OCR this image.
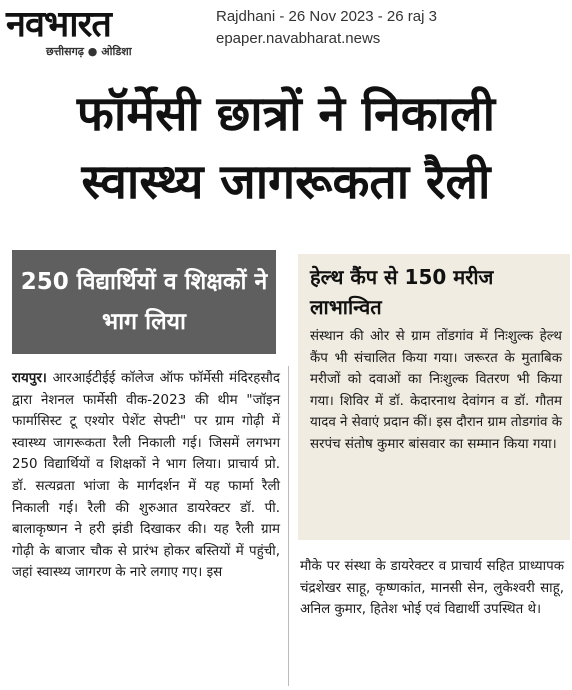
नवभारत
छत्तीसगढ़ ● ओडिशा
Rajdhani - 26 Nov 2023 - 26 raj 3
epaper.navabharat.news
फॉर्मेसी छात्रों ने निकाली
स्वास्थ्य जागरूकता रैली
250 विद्यार्थियों व शिक्षकों ने भाग लिया
हेल्थ कैंप से 150 मरीज लाभान्वित
संस्थान की ओर से ग्राम तोंडगांव में निःशुल्क हेल्थ कैंप भी संचालित किया गया। जरूरत के मुताबिक मरीजों को दवाओं का निःशुल्क वितरण भी किया गया। शिविर में डॉ. केदारनाथ देवांगन व डॉ. गौतम यादव ने सेवाएं प्रदान कीं। इस दौरान ग्राम तोडगांव के सरपंच संतोष कुमार बांसवार का सम्मान किया गया।
रायपुर। आरआईटीईई कॉलेज ऑफ फॉर्मेसी मंदिरहसौद द्वारा नेशनल फार्मेसी वीक-2023 की थीम "जॉइन फार्मासिस्ट टू एश्योर पेशेंट सेफ्टी" पर ग्राम गोढ़ी में स्वास्थ्य जागरूकता रैली निकाली गई। जिसमें लगभग 250 विद्यार्थियों व शिक्षकों ने भाग लिया। प्राचार्य प्रो. डॉ. सत्यव्रता भांजा के मार्गदर्शन में यह फार्मा रैली निकाली गई। रैली की शुरुआत डायरेक्टर डॉ. पी. बालाकृष्णन ने हरी झंडी दिखाकर की। यह रैली ग्राम गोढ़ी के बाजार चौक से प्रारंभ होकर बस्तियों में पहुंची, जहां स्वास्थ्य जागरण के नारे लगाए गए। इस	मौके पर संस्था के डायरेक्टर व प्राचार्य सहित प्राध्यापक चंद्रशेखर साहू, कृष्णकांत, मानसी सेन, लुकेश्वरी साहू, अनिल कुमार, हितेश भोई एवं विद्यार्थी उपस्थित थे।
